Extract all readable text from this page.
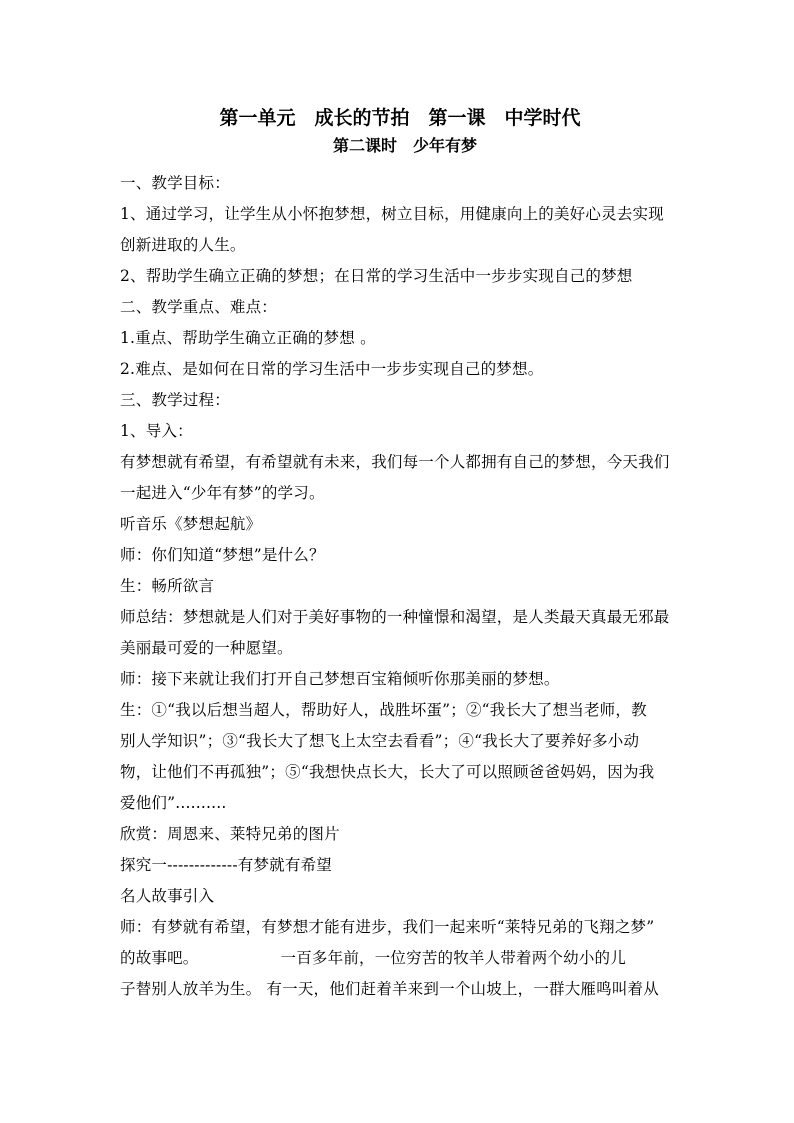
第一单元　成长的节拍　第一课　中学时代
第二课时　少年有梦
一、教学目标：
1、通过学习，让学生从小怀抱梦想，树立目标，用健康向上的美好心灵去实现
创新进取的人生。
2、帮助学生确立正确的梦想；在日常的学习生活中一步步实现自己的梦想
二、教学重点、难点：
1.重点、帮助学生确立正确的梦想 。
2.难点、是如何在日常的学习生活中一步步实现自己的梦想。
三、教学过程：
1、导入：
有梦想就有希望，有希望就有未来，我们每一个人都拥有自己的梦想，今天我们
一起进入“少年有梦”的学习。
听音乐《梦想起航》
师：你们知道“梦想”是什么？
生：畅所欲言
师总结：梦想就是人们对于美好事物的一种憧憬和渴望，是人类最天真最无邪最
美丽最可爱的一种愿望。
师：接下来就让我们打开自己梦想百宝箱倾听你那美丽的梦想。
生：①“我以后想当超人，帮助好人，战胜坏蛋”；②“我长大了想当老师，教
别人学知识”；③“我长大了想飞上太空去看看”；④“我长大了要养好多小动
物，让他们不再孤独”；⑤“我想快点长大，长大了可以照顾爸爸妈妈，因为我
爱他们”..........
欣赏：周恩来、莱特兄弟的图片
探究一-------------有梦就有希望
名人故事引入
师：有梦就有希望，有梦想才能有进步，我们一起来听“莱特兄弟的飞翔之梦”
的故事吧。                一百多年前，一位穷苦的牧羊人带着两个幼小的儿
子替别人放羊为生。 有一天，他们赶着羊来到一个山坡上，一群大雁鸣叫着从
